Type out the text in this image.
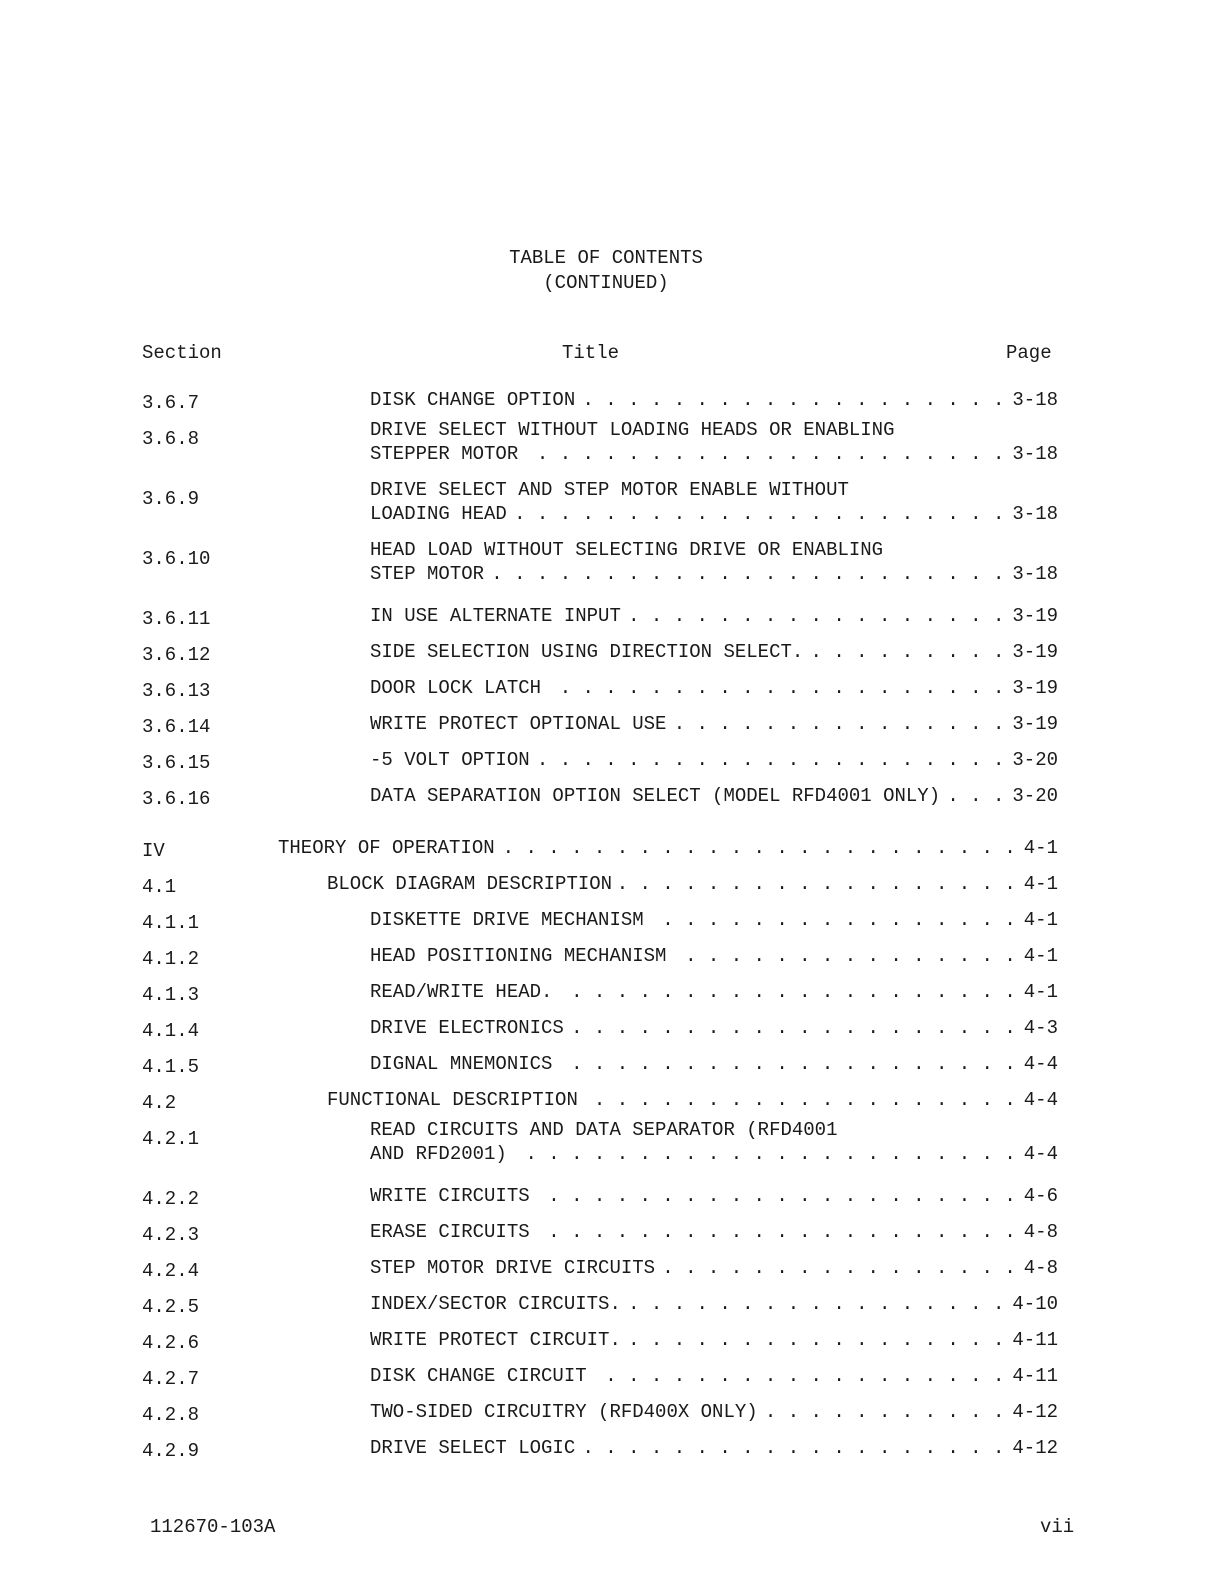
TABLE OF CONTENTS
(CONTINUED)
Section	Title	Page
3.6.7	DISK CHANGE OPTION . . .	3-18
3.6.8	DRIVE SELECT WITHOUT LOADING HEADS OR ENABLING
STEPPER MOTOR . . .	3-18
3.6.9	DRIVE SELECT AND STEP MOTOR ENABLE WITHOUT
LOADING HEAD . . .	3-18
3.6.10	HEAD LOAD WITHOUT SELECTING DRIVE OR ENABLING
STEP MOTOR . . .	3-18
3.6.11	IN USE ALTERNATE INPUT . . .	3-19
3.6.12	SIDE SELECTION USING DIRECTION SELECT. . . .	3-19
3.6.13	DOOR LOCK LATCH . . .	3-19
3.6.14	WRITE PROTECT OPTIONAL USE . . .	3-19
3.6.15	-5 VOLT OPTION . . .	3-20
3.6.16	DATA SEPARATION OPTION SELECT (MODEL RFD4001 ONLY) . . .	3-20
IV	THEORY OF OPERATION . . .	4-1
4.1	BLOCK DIAGRAM DESCRIPTION . . .	4-1
4.1.1	DISKETTE DRIVE MECHANISM . . .	4-1
4.1.2	HEAD POSITIONING MECHANISM . . .	4-1
4.1.3	READ/WRITE HEAD. . . .	4-1
4.1.4	DRIVE ELECTRONICS . . .	4-3
4.1.5	DIGNAL MNEMONICS . . .	4-4
4.2	FUNCTIONAL DESCRIPTION . . .	4-4
4.2.1	READ CIRCUITS AND DATA SEPARATOR (RFD4001
AND RFD2001) . . .	4-4
4.2.2	WRITE CIRCUITS . . .	4-6
4.2.3	ERASE CIRCUITS . . .	4-8
4.2.4	STEP MOTOR DRIVE CIRCUITS . . .	4-8
4.2.5	INDEX/SECTOR CIRCUITS. . . .	4-10
4.2.6	WRITE PROTECT CIRCUIT. . . .	4-11
4.2.7	DISK CHANGE CIRCUIT . . .	4-11
4.2.8	TWO-SIDED CIRCUITRY (RFD400X ONLY) . . .	4-12
4.2.9	DRIVE SELECT LOGIC . . .	4-12
112670-103A	vii
